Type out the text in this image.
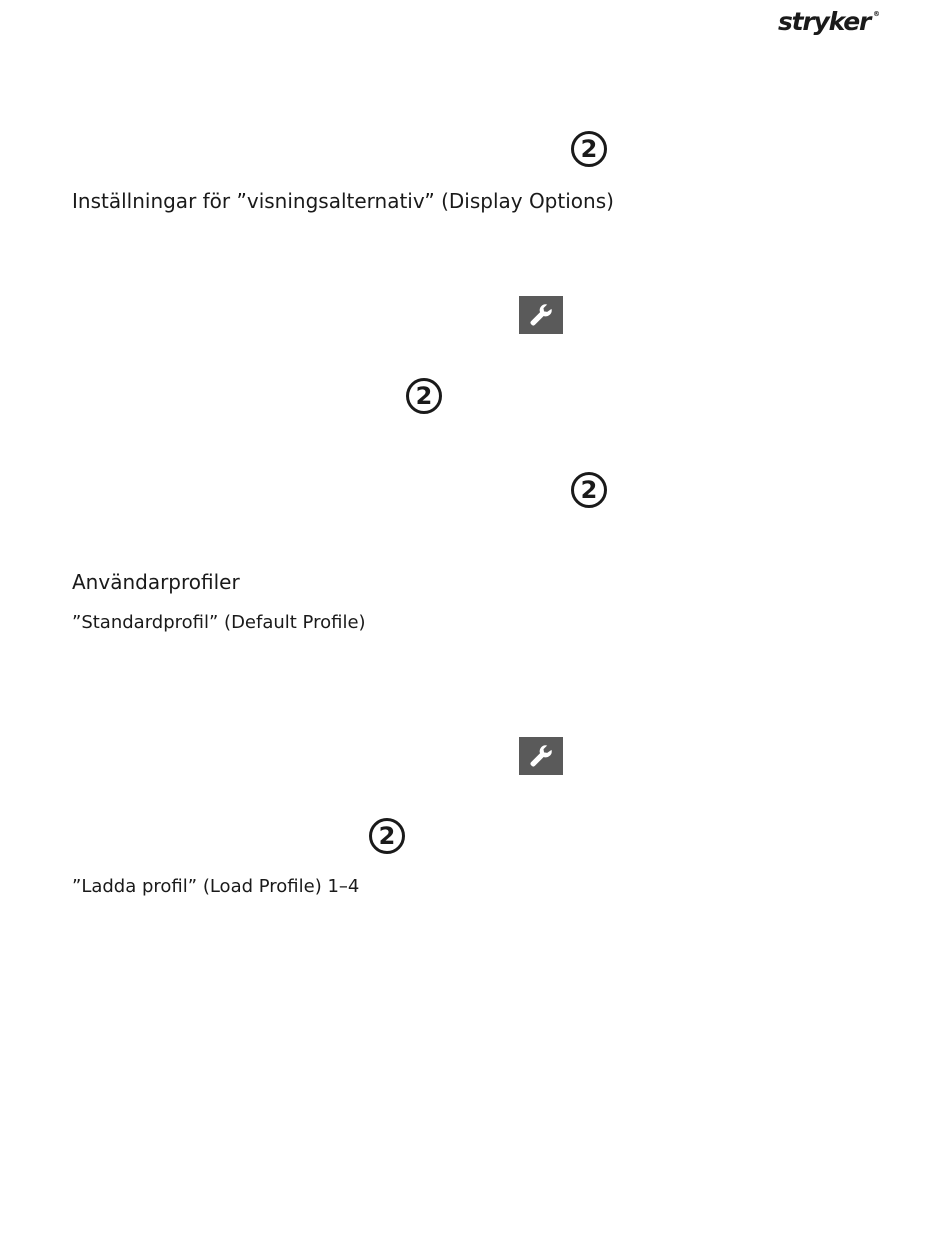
stryker ®
2
Inställningar för ”visningsalternativ” (Display Options)
2
2
Användarprofiler
”Standardprofil” (Default Profile)
2
”Ladda profil” (Load Profile) 1–4
